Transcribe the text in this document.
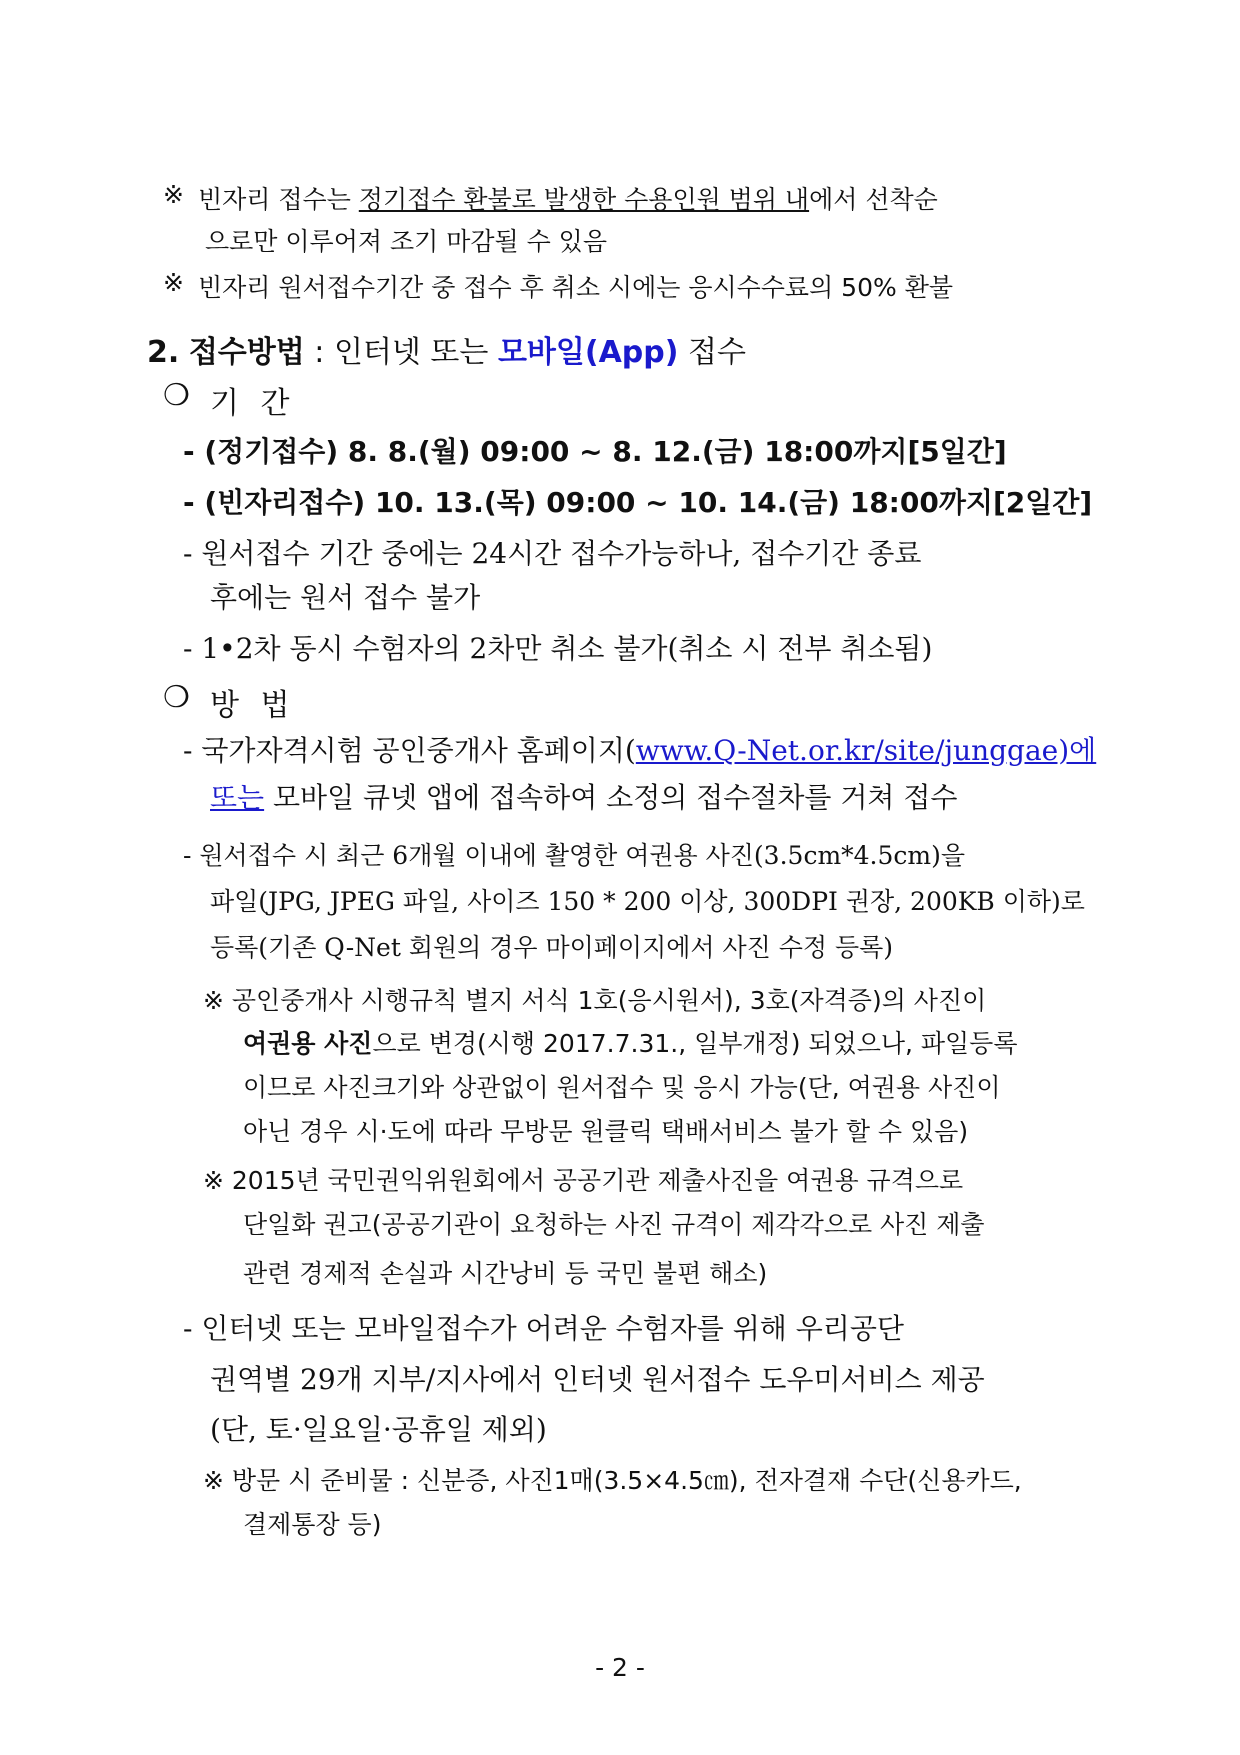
※ 빈자리 접수는 정기접수 환불로 발생한 수용인원 범위 내에서 선착순
으로만 이루어져 조기 마감될 수 있음
※ 빈자리 원서접수기간 중 접수 후 취소 시에는 응시수수료의 50% 환불
2. 접수방법 : 인터넷 또는 모바일(App) 접수
❍ 기 간
- (정기접수) 8. 8.(월) 09:00 ~ 8. 12.(금) 18:00까지[5일간]
- (빈자리접수) 10. 13.(목) 09:00 ~ 10. 14.(금) 18:00까지[2일간]
- 원서접수 기간 중에는 24시간 접수가능하나, 접수기간 종료
후에는 원서 접수 불가
- 1•2차 동시 수험자의 2차만 취소 불가(취소 시 전부 취소됨)
❍ 방 법
- 국가자격시험 공인중개사 홈페이지(www.Q-Net.or.kr/site/junggae)에
또는 모바일 큐넷 앱에 접속하여 소정의 접수절차를 거쳐 접수
- 원서접수 시 최근 6개월 이내에 촬영한 여권용 사진(3.5cm*4.5cm)을
파일(JPG, JPEG 파일, 사이즈 150 * 200 이상, 300DPI 권장, 200KB 이하)로
등록(기존 Q-Net 회원의 경우 마이페이지에서 사진 수정 등록)
※ 공인중개사 시행규칙 별지 서식 1호(응시원서), 3호(자격증)의 사진이
여권용 사진으로 변경(시행 2017.7.31., 일부개정) 되었으나, 파일등록
이므로 사진크기와 상관없이 원서접수 및 응시 가능(단, 여권용 사진이
아닌 경우 시·도에 따라 무방문 원클릭 택배서비스 불가 할 수 있음)
※ 2015년 국민권익위원회에서 공공기관 제출사진을 여권용 규격으로
단일화 권고(공공기관이 요청하는 사진 규격이 제각각으로 사진 제출
관련 경제적 손실과 시간낭비 등 국민 불편 해소)
- 인터넷 또는 모바일접수가 어려운 수험자를 위해 우리공단
권역별 29개 지부/지사에서 인터넷 원서접수 도우미서비스 제공
(단, 토·일요일·공휴일 제외)
※ 방문 시 준비물 : 신분증, 사진1매(3.5×4.5㎝), 전자결재 수단(신용카드,
결제통장 등)
- 2 -
